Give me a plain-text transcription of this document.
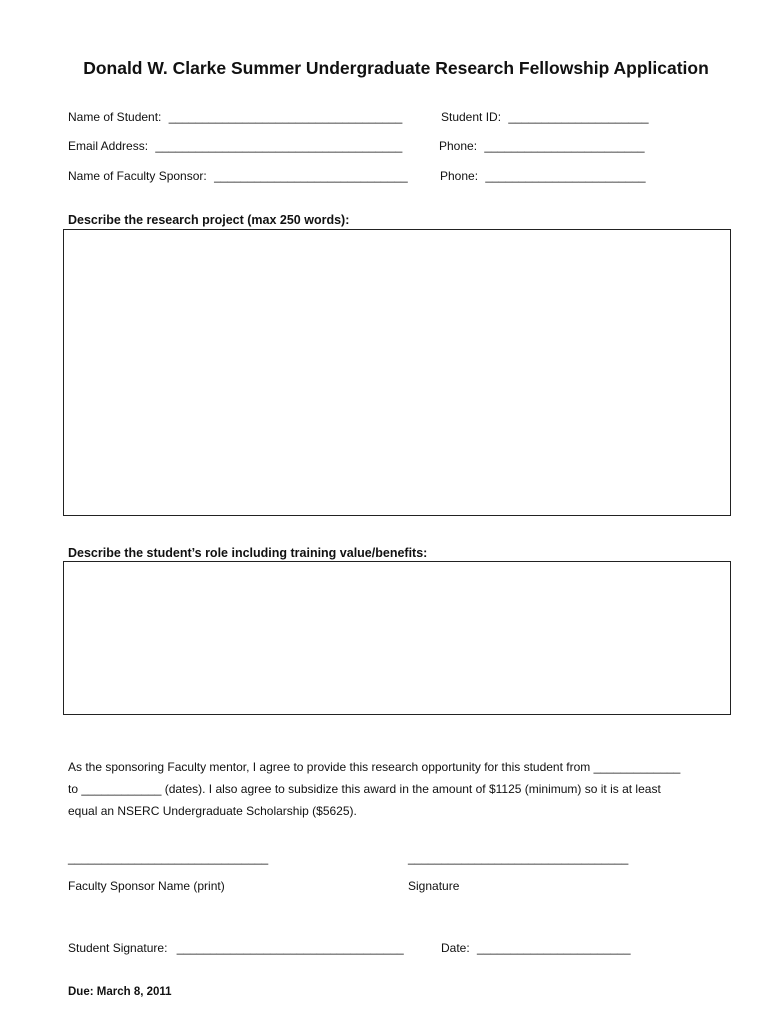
Donald W. Clarke Summer Undergraduate Research Fellowship Application
Name of Student: ___________________________________	Student ID: _____________________
Email Address: _____________________________________	Phone: ________________________
Name of Faculty Sponsor: _____________________________	Phone: ________________________
Describe the research project (max 250 words):
Describe the student’s role including training value/benefits:
As the sponsoring Faculty mentor, I agree to provide this research opportunity for this student from _____________
to ____________ (dates). I also agree to subsidize this award in the amount of $1125 (minimum) so it is at least
equal an NSERC Undergraduate Scholarship ($5625).
______________________________	_________________________________
Faculty Sponsor Name (print)	Signature
Student Signature: __________________________________	Date: _______________________
Due: March 8, 2011
